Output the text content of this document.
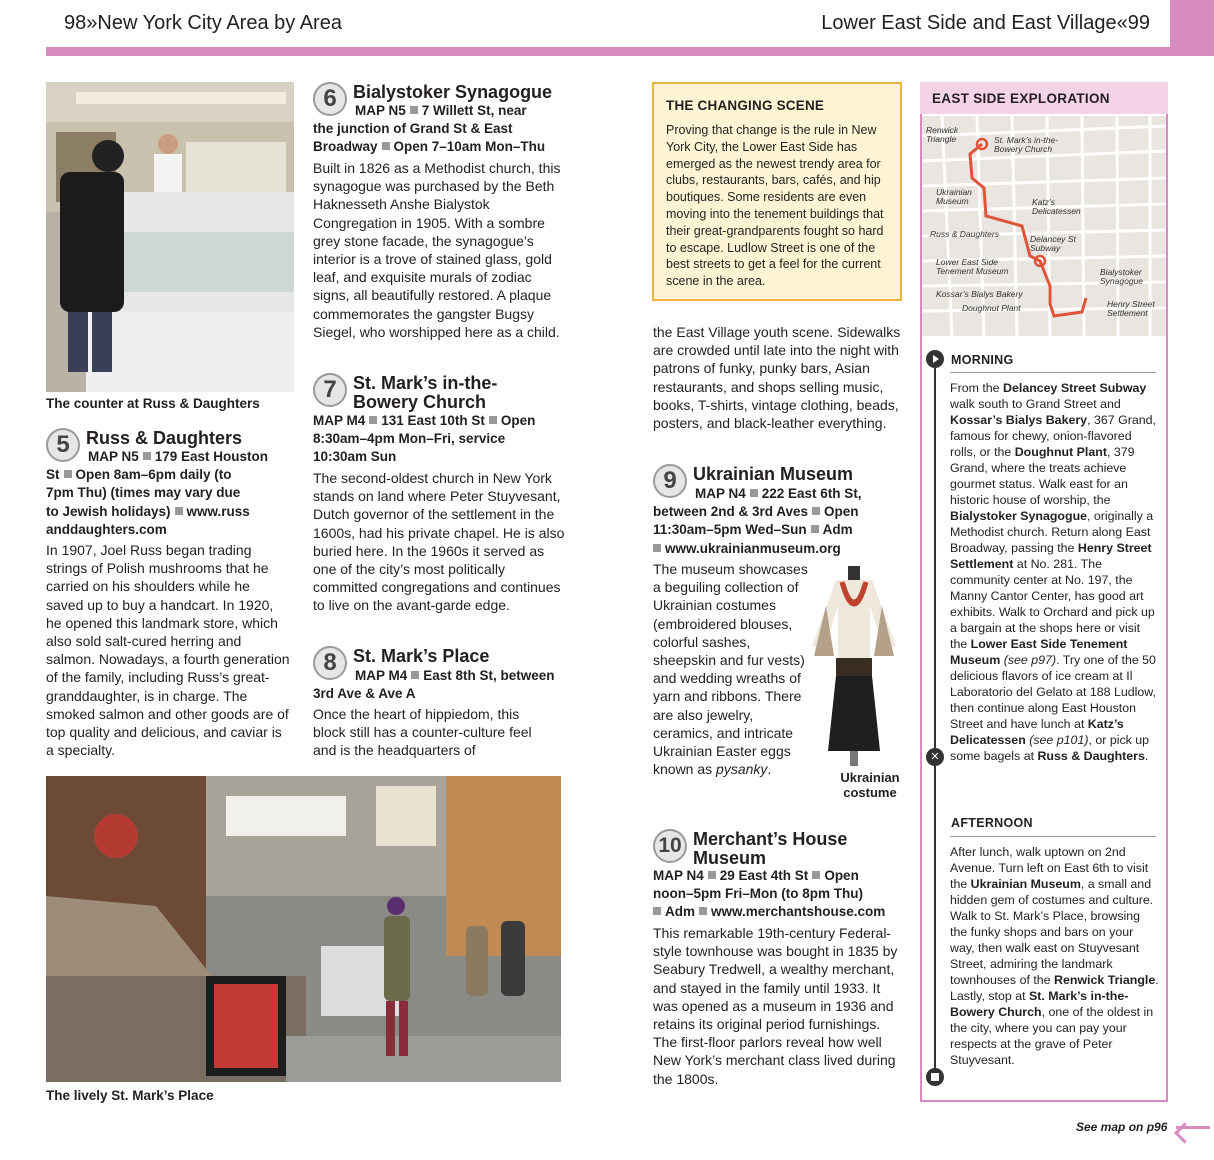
98 » New York City Area by Area	Lower East Side and East Village « 99
The counter at Russ & Daughters
5 Russ & Daughters
MAP N5 179 East Houston
St Open 8am–6pm daily (to
7pm Thu) (times may vary due
to Jewish holidays) www.russ
anddaughters.com
In 1907, Joel Russ began trading strings of Polish mushrooms that he carried on his shoulders while he saved up to buy a handcart. In 1920, he opened this landmark store, which also sold salt-cured herring and salmon. Nowadays, a fourth generation of the family, including Russ’s great-granddaughter, is in charge. The smoked salmon and other goods are of top quality and delicious, and caviar is a specialty.
6 Bialystoker Synagogue
MAP N5 7 Willett St, near
the junction of Grand St & East
Broadway Open 7–10am Mon–Thu
Built in 1826 as a Methodist church, this synagogue was purchased by the Beth Haknesseth Anshe Bialystok Congregation in 1905. With a sombre grey stone facade, the synagogue’s interior is a trove of stained glass, gold leaf, and exquisite murals of zodiac signs, all beautifully restored. A plaque commemorates the gangster Bugsy Siegel, who worshipped here as a child.
7 St. Mark’s in-the-
Bowery Church
MAP M4 131 East 10th St Open
8:30am–4pm Mon–Fri, service
10:30am Sun
The second-oldest church in New York stands on land where Peter Stuyvesant, Dutch governor of the settlement in the 1600s, had his private chapel. He is also buried here. In the 1960s it served as one of the city’s most politically committed congregations and continues to live on the avant-garde edge.
8 St. Mark’s Place
MAP M4 East 8th St, between
3rd Ave & Ave A
Once the heart of hippiedom, this block still has a counter-culture feel and is the headquarters of
The lively St. Mark’s Place
THE CHANGING SCENE
Proving that change is the rule in New York City, the Lower East Side has emerged as the newest trendy area for clubs, restaurants, bars, cafés, and hip boutiques. Some residents are even moving into the tenement buildings that their great-grandparents fought so hard to escape. Ludlow Street is one of the best streets to get a feel for the current scene in the area.
the East Village youth scene. Sidewalks are crowded until late into the night with patrons of funky, punky bars, Asian restaurants, and shops selling music, books, T-shirts, vintage clothing, beads, posters, and black-leather everything.
9 Ukrainian Museum
MAP N4 222 East 6th St,
between 2nd & 3rd Aves Open
11:30am–5pm Wed–Sun Adm
www.ukrainianmuseum.org
The museum showcases a beguiling collection of Ukrainian costumes (embroidered blouses, colorful sashes, sheepskin and fur vests) and wedding wreaths of yarn and ribbons. There are also jewelry, ceramics, and intricate Ukrainian Easter eggs known as pysanky.
Ukrainian
costume
10 Merchant’s House
Museum
MAP N4 29 East 4th St Open
noon–5pm Fri–Mon (to 8pm Thu)
Adm www.merchantshouse.com
This remarkable 19th-century Federal-style townhouse was bought in 1835 by Seabury Tredwell, a wealthy merchant, and stayed in the family until 1933. It was opened as a museum in 1936 and retains its original period furnishings. The first-floor parlors reveal how well New York’s merchant class lived during the 1800s.
EAST SIDE EXPLORATION
Renwick Triangle	St. Mark’s in-the-Bowery Church
Ukrainian Museum	Katz’s Delicatessen
Russ & Daughters	Delancey St Subway
Lower East Side Tenement Museum	Bialystoker Synagogue
Kossar’s Bialys Bakery
Henry Street Settlement
Doughnut Plant
✕
MORNING
From the Delancey Street Subway walk south to Grand Street and Kossar’s Bialys Bakery, 367 Grand, famous for chewy, onion-flavored rolls, or the Doughnut Plant, 379 Grand, where the treats achieve gourmet status. Walk east for an historic house of worship, the Bialystoker Synagogue, originally a Methodist church. Return along East Broadway, passing the Henry Street Settlement at No. 281. The community center at No. 197, the Manny Cantor Center, has good art exhibits. Walk to Orchard and pick up a bargain at the shops here or visit the Lower East Side Tenement Museum (see p97). Try one of the 50 delicious flavors of ice cream at Il Laboratorio del Gelato at 188 Ludlow, then continue along East Houston Street and have lunch at Katz’s Delicatessen (see p101), or pick up some bagels at Russ & Daughters.
AFTERNOON
After lunch, walk uptown on 2nd Avenue. Turn left on East 6th to visit the Ukrainian Museum, a small and hidden gem of costumes and culture. Walk to St. Mark’s Place, browsing the funky shops and bars on your way, then walk east on Stuyvesant Street, admiring the landmark townhouses of the Renwick Triangle. Lastly, stop at St. Mark’s in-the-Bowery Church, one of the oldest in the city, where you can pay your respects at the grave of Peter Stuyvesant.
See map on p96
